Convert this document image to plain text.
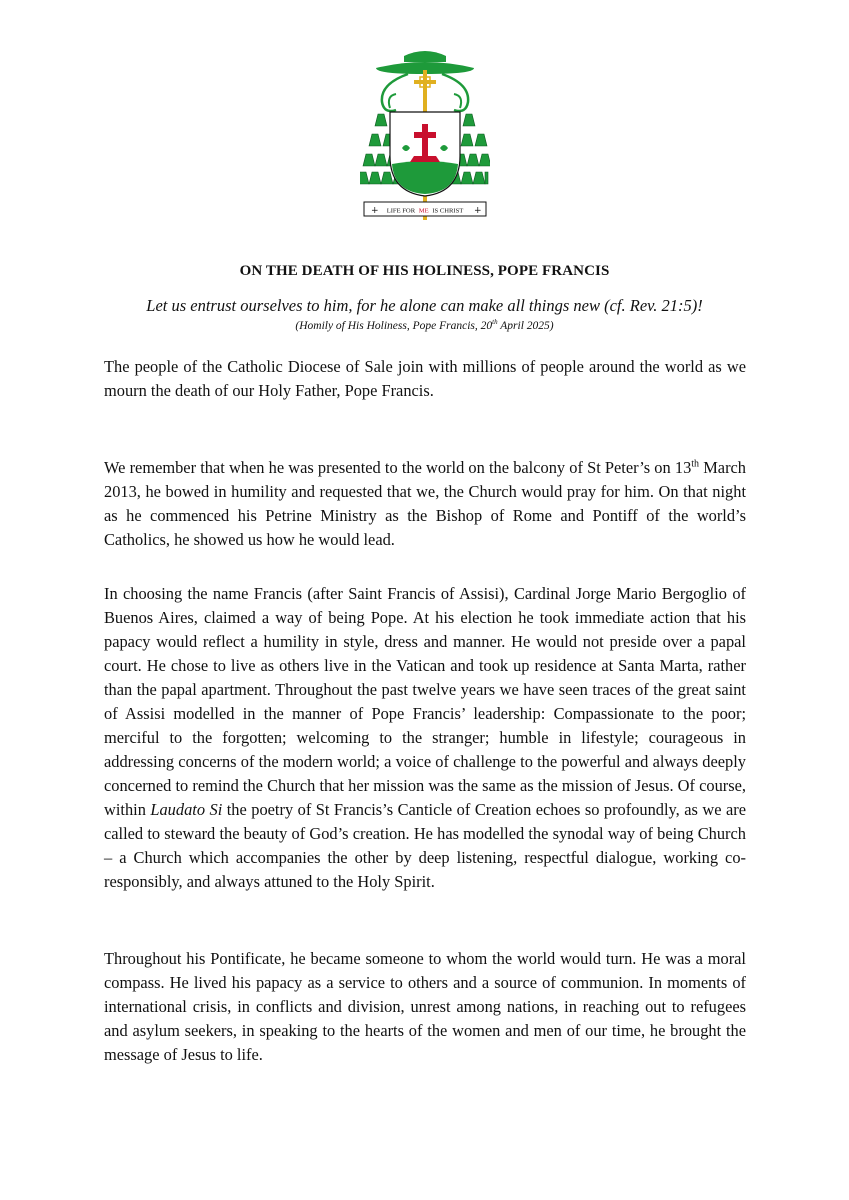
+	+
LIFE FOR ME IS CHRIST
ON THE DEATH OF HIS HOLINESS, POPE FRANCIS
Let us entrust ourselves to him, for he alone can make all things new (cf. Rev. 21:5)!
(Homily of His Holiness, Pope Francis, 20th April 2025)

The people of the Catholic Diocese of Sale join with millions of people around the world as we mourn the death of our Holy Father, Pope Francis.

We remember that when he was presented to the world on the balcony of St Peter’s on 13th March 2013, he bowed in humility and requested that we, the Church would pray for him. On that night as he commenced his Petrine Ministry as the Bishop of Rome and Pontiff of the world’s Catholics, he showed us how he would lead.

In choosing the name Francis (after Saint Francis of Assisi), Cardinal Jorge Mario Bergoglio of Buenos Aires, claimed a way of being Pope. At his election he took immediate action that his papacy would reflect a humility in style, dress and manner. He would not preside over a papal court. He chose to live as others live in the Vatican and took up residence at Santa Marta, rather than the papal apartment. Throughout the past twelve years we have seen traces of the great saint of Assisi modelled in the manner of Pope Francis’ leadership: Compassionate to the poor; merciful to the forgotten; welcoming to the stranger; humble in lifestyle; courageous in addressing concerns of the modern world; a voice of challenge to the powerful and always deeply concerned to remind the Church that her mission was the same as the mission of Jesus. Of course, within Laudato Si the poetry of St Francis’s Canticle of Creation echoes so profoundly, as we are called to steward the beauty of God’s creation. He has modelled the synodal way of being Church – a Church which accompanies the other by deep listening, respectful dialogue, working co-responsibly, and always attuned to the Holy Spirit.

Throughout his Pontificate, he became someone to whom the world would turn. He was a moral compass. He lived his papacy as a service to others and a source of communion. In moments of international crisis, in conflicts and division, unrest among nations, in reaching out to refugees and asylum seekers, in speaking to the hearts of the women and men of our time, he brought the message of Jesus to life.
